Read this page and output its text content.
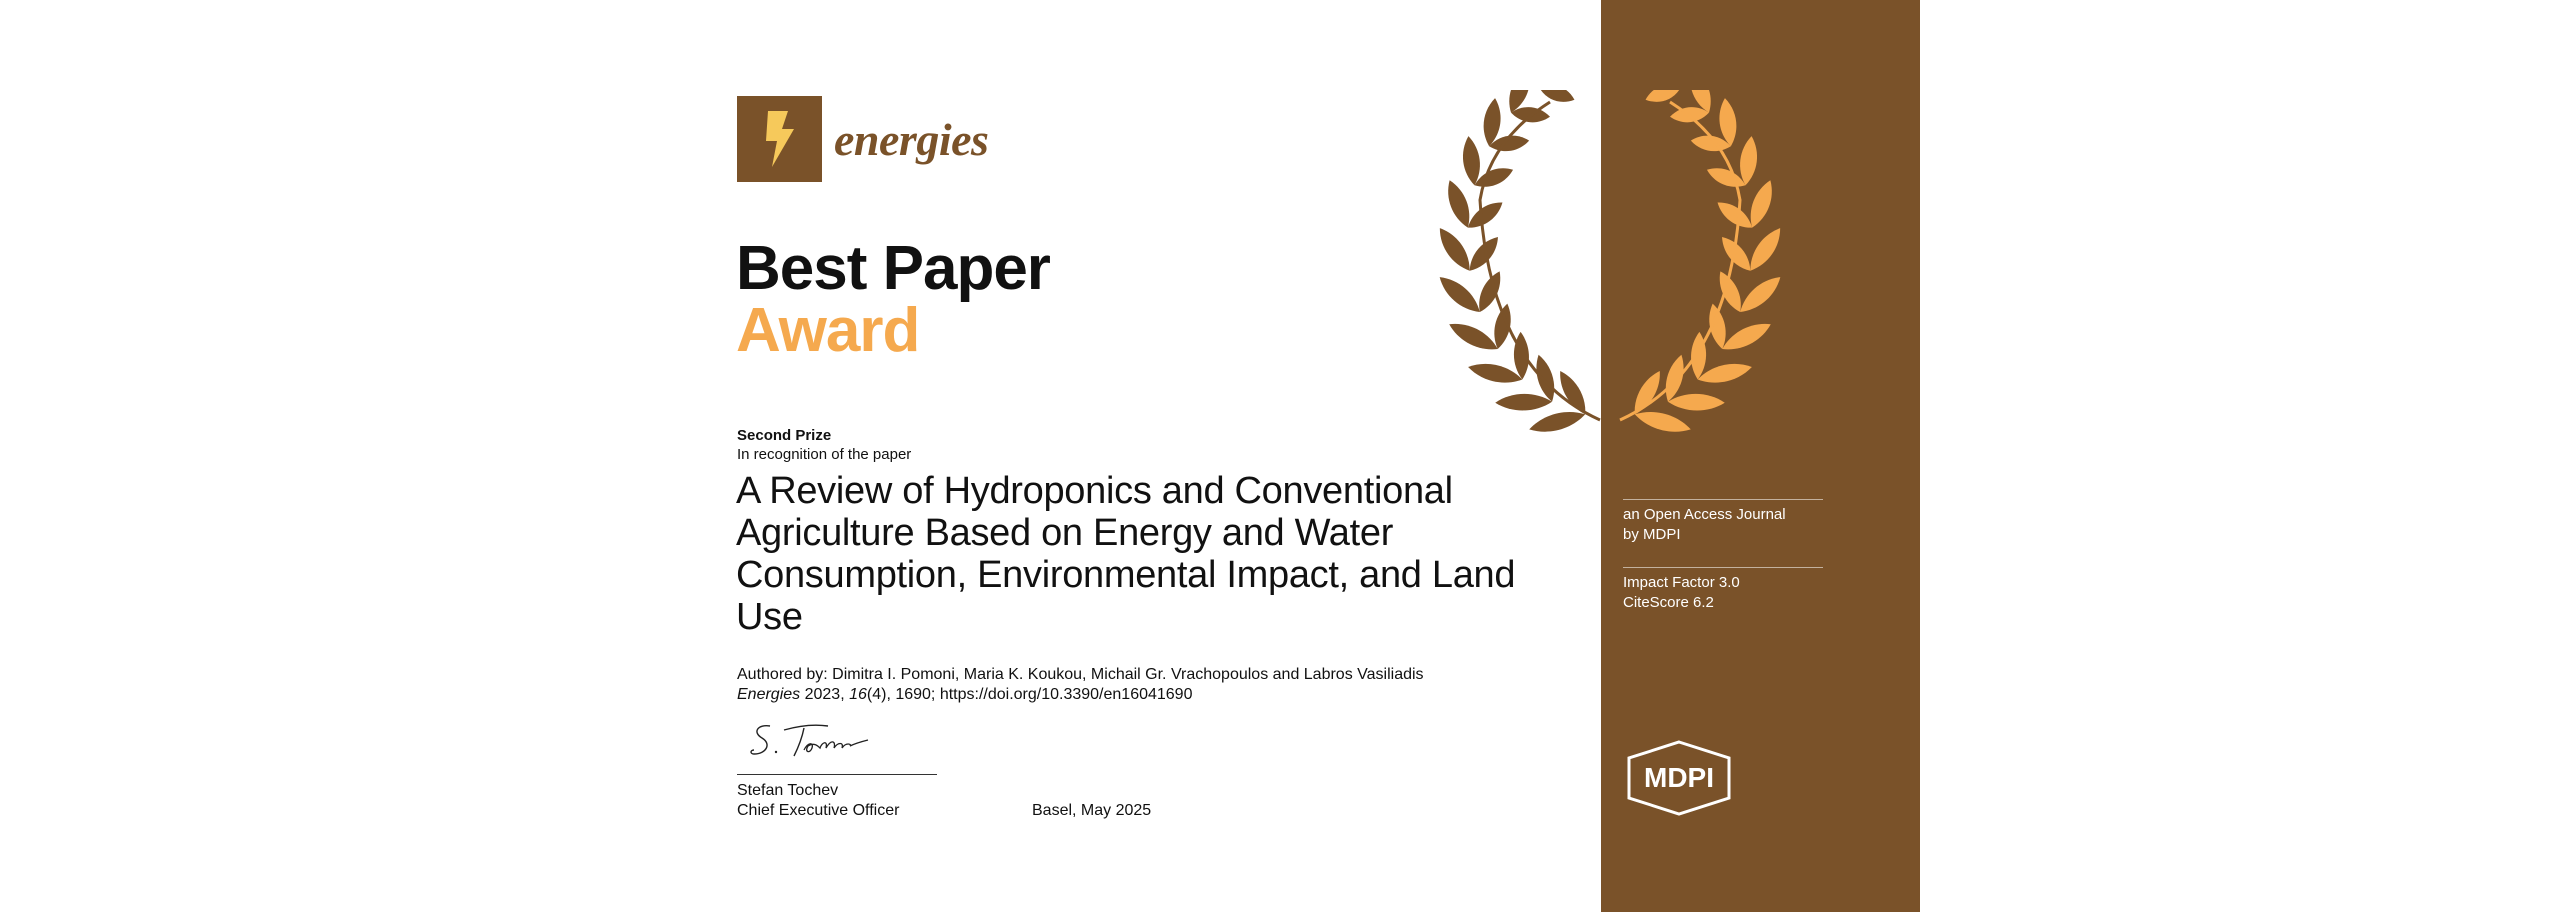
energies
Best Paper
Award
Second Prize
In recognition of the paper
A Review of Hydroponics and Conventional Agriculture Based on Energy and Water Consumption, Environmental Impact, and Land Use
Authored by: Dimitra I. Pomoni, Maria K. Koukou, Michail Gr. Vrachopoulos and Labros Vasiliadis
Energies 2023, 16(4), 1690; https://doi.org/10.3390/en16041690
Stefan Tochev
Chief Executive Officer	Basel, May 2025
an Open Access Journal
by MDPI
Impact Factor 3.0
CiteScore 6.2
MDPI
